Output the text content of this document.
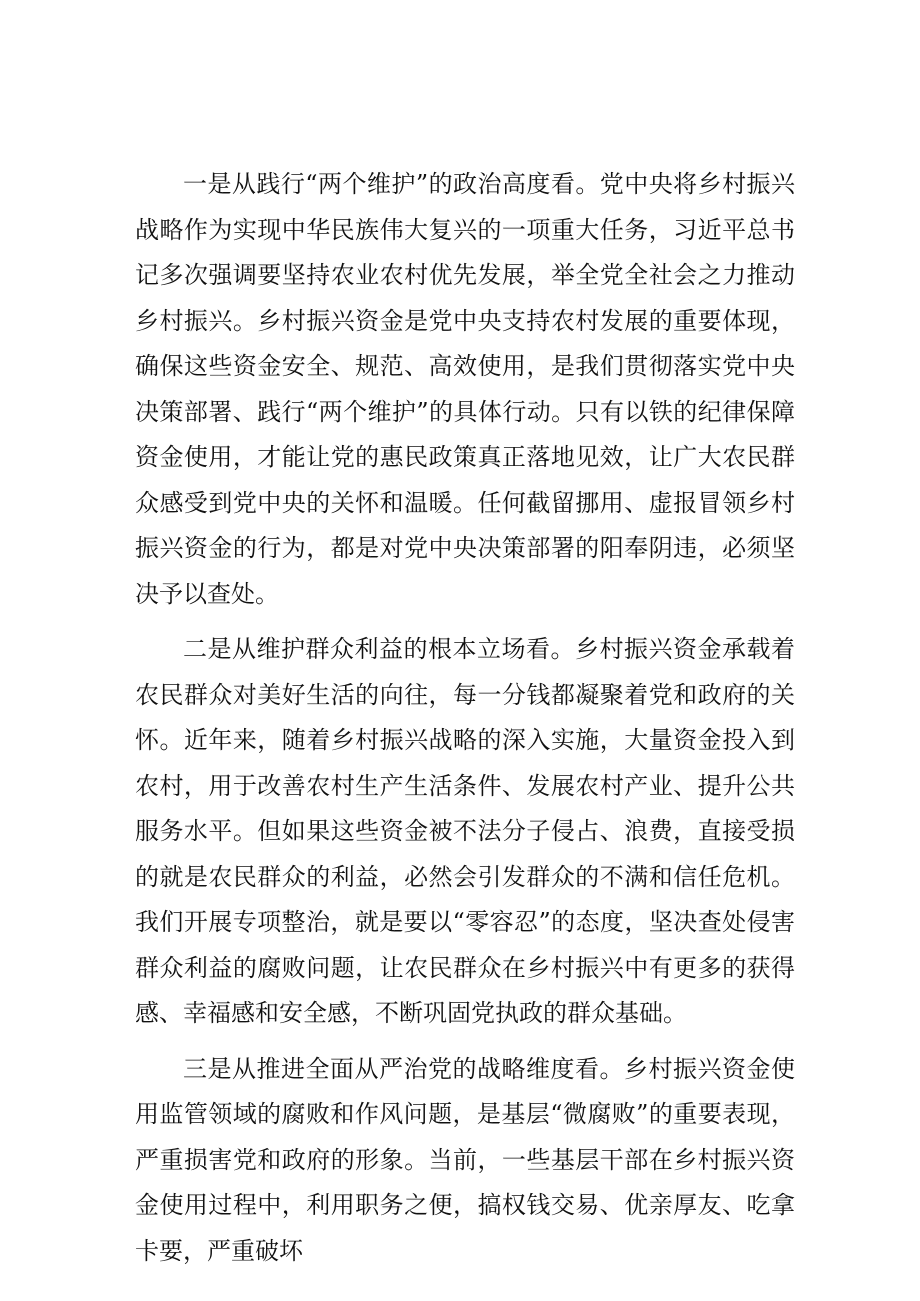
一是从践行“两个维护”的政治高度看。党中央将乡村振兴战略作为实现中华民族伟大复兴的一项重大任务，习近平总书记多次强调要坚持农业农村优先发展，举全党全社会之力推动乡村振兴。乡村振兴资金是党中央支持农村发展的重要体现，确保这些资金安全、规范、高效使用，是我们贯彻落实党中央决策部署、践行“两个维护”的具体行动。只有以铁的纪律保障资金使用，才能让党的惠民政策真正落地见效，让广大农民群众感受到党中央的关怀和温暖。任何截留挪用、虚报冒领乡村振兴资金的行为，都是对党中央决策部署的阳奉阴违，必须坚决予以查处。

二是从维护群众利益的根本立场看。乡村振兴资金承载着农民群众对美好生活的向往，每一分钱都凝聚着党和政府的关怀。近年来，随着乡村振兴战略的深入实施，大量资金投入到农村，用于改善农村生产生活条件、发展农村产业、提升公共服务水平。但如果这些资金被不法分子侵占、浪费，直接受损的就是农民群众的利益，必然会引发群众的不满和信任危机。我们开展专项整治，就是要以“零容忍”的态度，坚决查处侵害群众利益的腐败问题，让农民群众在乡村振兴中有更多的获得感、幸福感和安全感，不断巩固党执政的群众基础。

三是从推进全面从严治党的战略维度看。乡村振兴资金使用监管领域的腐败和作风问题，是基层“微腐败”的重要表现，严重损害党和政府的形象。当前，一些基层干部在乡村振兴资金使用过程中，利用职务之便，搞权钱交易、优亲厚友、吃拿卡要，严重破坏
